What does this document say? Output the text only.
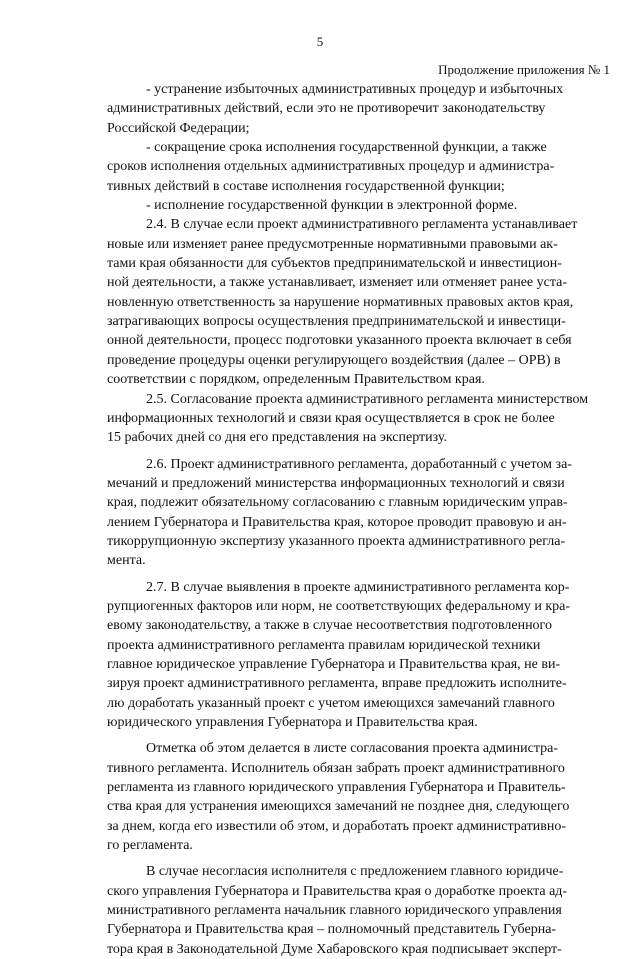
5
Продолжение приложения № 1
- устранение избыточных административных процедур и избыточных
административных действий, если это не противоречит законодательству
Российской Федерации;
- сокращение срока исполнения государственной функции, а также
сроков исполнения отдельных административных процедур и администра-
тивных действий в составе исполнения государственной функции;
- исполнение государственной функции в электронной форме.
2.4. В случае если проект административного регламента устанавливает
новые или изменяет ранее предусмотренные нормативными правовыми ак-
тами края обязанности для субъектов предпринимательской и инвестицион-
ной деятельности, а также устанавливает, изменяет или отменяет ранее уста-
новленную ответственность за нарушение нормативных правовых актов края,
затрагивающих вопросы осуществления предпринимательской и инвестици-
онной деятельности, процесс подготовки указанного проекта включает в себя
проведение процедуры оценки регулирующего воздействия (далее – ОРВ) в
соответствии с порядком, определенным Правительством края.
2.5. Согласование проекта административного регламента министерством
информационных технологий и связи края осуществляется в срок не более
15 рабочих дней со дня его представления на экспертизу.
2.6. Проект административного регламента, доработанный с учетом за-
мечаний и предложений министерства информационных технологий и связи
края, подлежит обязательному согласованию с главным юридическим управ-
лением Губернатора и Правительства края, которое проводит правовую и ан-
тикоррупционную экспертизу указанного проекта административного регла-
мента.
2.7. В случае выявления в проекте административного регламента кор-
рупциогенных факторов или норм, не соответствующих федеральному и кра-
евому законодательству, а также в случае несоответствия подготовленного
проекта административного регламента правилам юридической техники
главное юридическое управление Губернатора и Правительства края, не ви-
зируя проект административного регламента, вправе предложить исполните-
лю доработать указанный проект с учетом имеющихся замечаний главного
юридического управления Губернатора и Правительства края.
Отметка об этом делается в листе согласования проекта администра-
тивного регламента. Исполнитель обязан забрать проект административного
регламента из главного юридического управления Губернатора и Правитель-
ства края для устранения имеющихся замечаний не позднее дня, следующего
за днем, когда его известили об этом, и доработать проект административно-
го регламента.
В случае несогласия исполнителя с предложением главного юридиче-
ского управления Губернатора и Правительства края о доработке проекта ад-
министративного регламента начальник главного юридического управления
Губернатора и Правительства края – полномочный представитель Губерна-
тора края в Законодательной Думе Хабаровского края подписывает эксперт-
